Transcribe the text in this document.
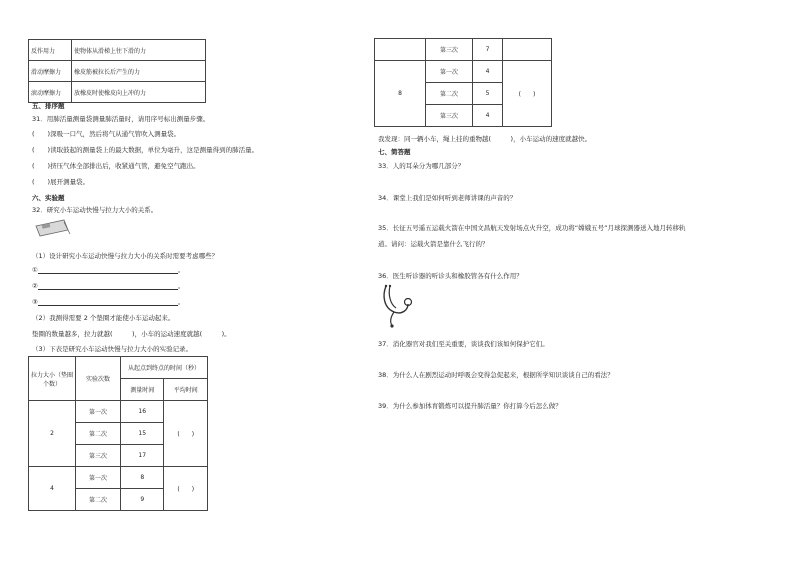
反作用力	使物体从滑梯上往下滑的力
滑动摩擦力	橡皮筋被拉长后产生的力
滚动摩擦力	放橡皮时使橡皮向上冲的力
五、排序题
31．用肺活量测量袋测量肺活量时，请用序号标出测量步骤。
(　　)深吸一口气，然后将气从通气管吹入测量袋。
(　　)读取鼓起的测量袋上的最大数据，单位为毫升，这是测量得到的肺活量。
(　　)挤压气体全部排出后，收紧通气管，避免空气跑出。
(　　)展开测量袋。
六、实验题
32．研究小车运动快慢与拉力大小的关系。
（1）设计研究小车运动快慢与拉力大小的关系时需要考虑哪些？
①	。
②	。
③	。
（2）我测得需要 2 个垫圈才能使小车运动起来。
垫圈的数量越多，拉力就越(　　　)，小车的运动速度就越(　　　)。
（3）下表是研究小车运动快慢与拉力大小的实验记录。
拉力大小（垫圈个数）	实验次数	从起点到终点的时间（秒）	
		测量时间	平均时间
2	第一次	16	(　　)
	第二次	15	
	第三次	17	
4	第一次	8	(　　)
	第二次	9	
	第三次	7	
8	第一次	4	(　　)
	第二次	5	
	第三次	4	
我发现：同一辆小车，绳上挂的重物越(　　　)，小车运动的速度就越快。
七、简答题
33．人的耳朵分为哪几部分？
34．课堂上我们是如何听到老师讲课的声音的？
35．长征五号遥五运载火箭在中国文昌航天发射场点火升空，成功将“嫦娥五号”月球探测器送入地月转移轨
道。请问：运载火箭是靠什么飞行的？
36．医生听诊器的听诊头和橡胶管各有什么作用？
37．消化器官对我们至关重要，谈谈我们该如何保护它们。
38．为什么人在剧烈运动时呼吸会变得急促起来，根据所学知识谈谈自己的看法？
39．为什么参加体育锻炼可以提升肺活量？你打算今后怎么做？
